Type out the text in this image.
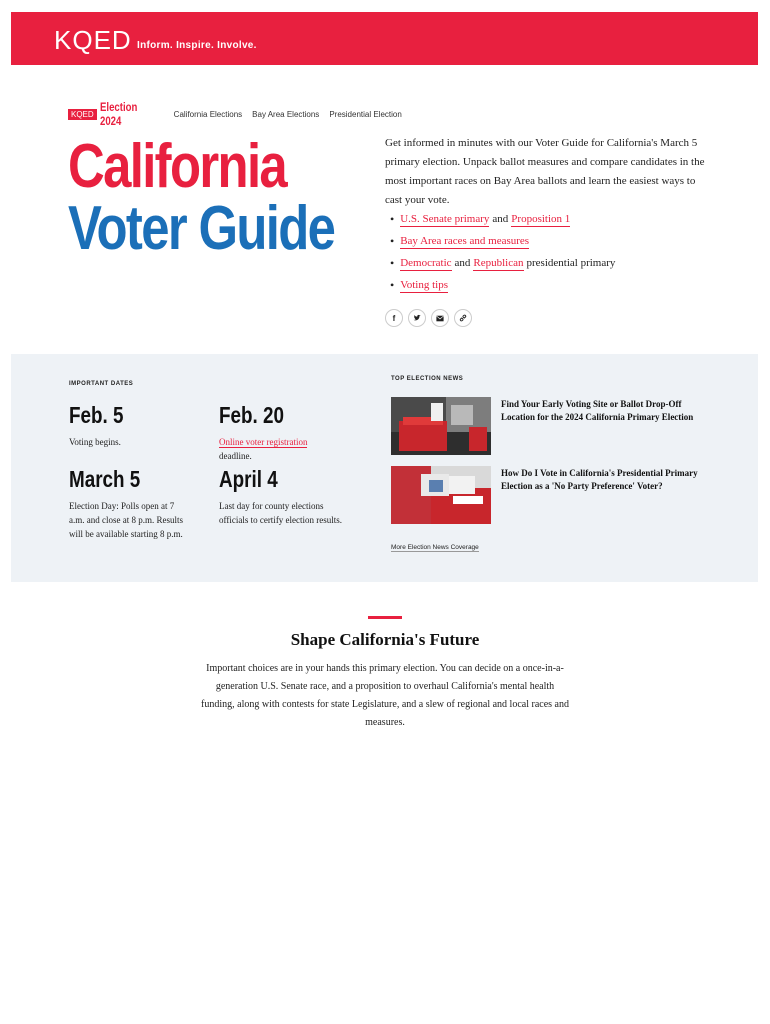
KQED Inform. Inspire. Involve.
KQED Election 2024	California Elections Bay Area Elections Presidential Election
California
Voter Guide

Get informed in minutes with our Voter Guide for California's March 5 primary election. Unpack ballot measures and compare candidates in the most important races on Bay Area ballots and learn the easiest ways to cast your vote.

• U.S. Senate primary and Proposition 1
• Bay Area races and measures
• Democratic and Republican presidential primary
• Voting tips
f
IMPORTANT DATES
Feb. 5
Voting begins.
Feb. 20
Online voter registration
deadline.
March 5
Election Day: Polls open at 7 a.m. and close at 8 p.m. Results will be available starting 8 p.m.
April 4
Last day for county elections officials to certify election results.
TOP ELECTION NEWS
Find Your Early Voting Site or Ballot Drop-Off Location for the 2024 California Primary Election
How Do I Vote in California's Presidential Primary Election as a 'No Party Preference' Voter?
More Election News Coverage
Shape California's Future

Important choices are in your hands this primary election. You can decide on a once-in-a-generation U.S. Senate race, and a proposition to overhaul California's mental health funding, along with contests for state Legislature, and a slew of regional and local races and measures.
